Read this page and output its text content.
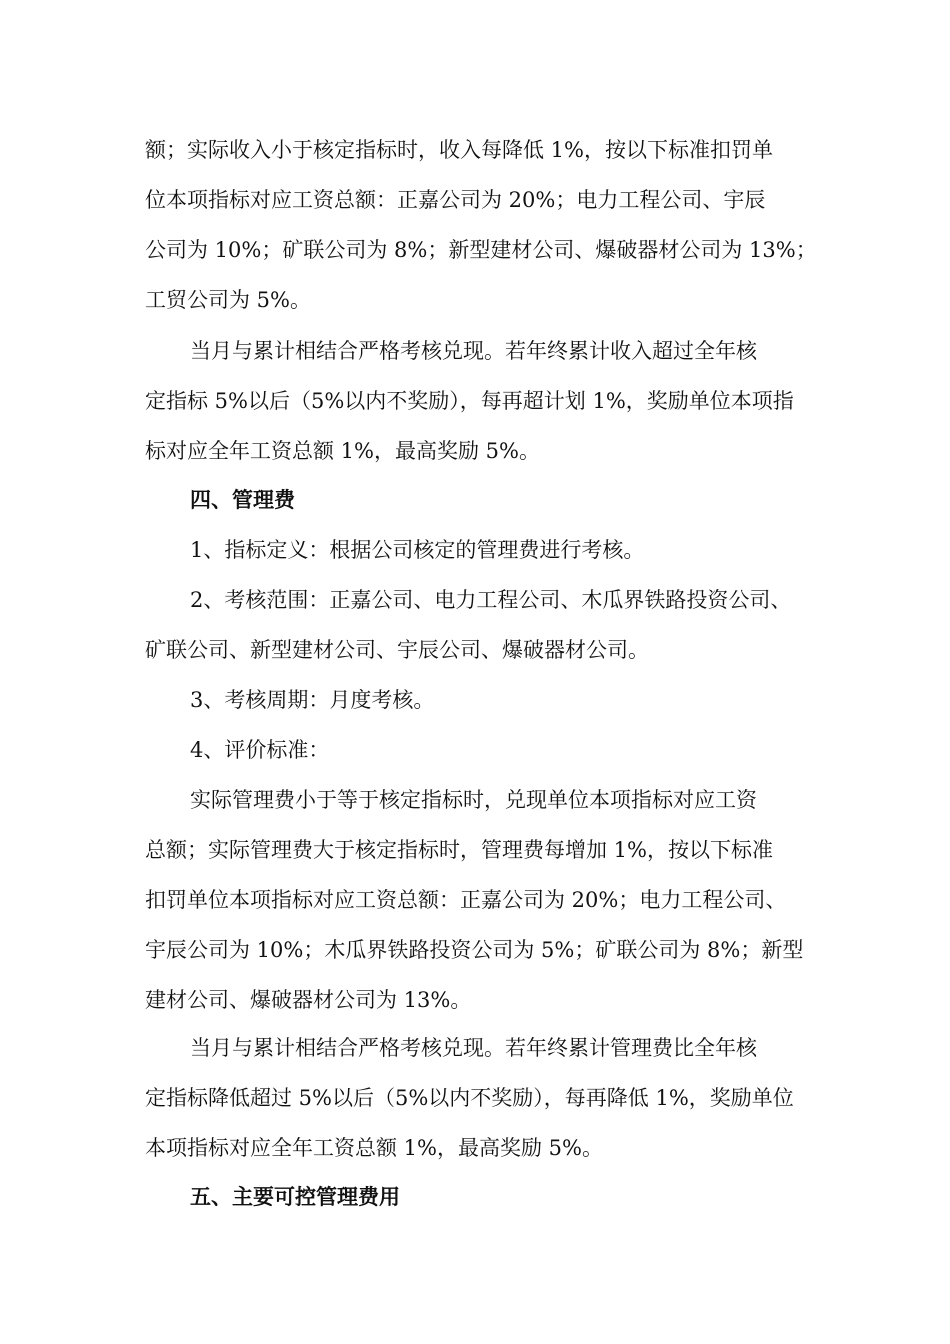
额；实际收入小于核定指标时，收入每降低 1%，按以下标准扣罚单
位本项指标对应工资总额：正嘉公司为 20%；电力工程公司、宇辰
公司为 10%；矿联公司为 8%；新型建材公司、爆破器材公司为 13%；
工贸公司为 5%。
当月与累计相结合严格考核兑现。若年终累计收入超过全年核
定指标 5%以后（5%以内不奖励），每再超计划 1%，奖励单位本项指
标对应全年工资总额 1%，最高奖励 5%。
四、管理费
1、指标定义：根据公司核定的管理费进行考核。
2、考核范围：正嘉公司、电力工程公司、木瓜界铁路投资公司、
矿联公司、新型建材公司、宇辰公司、爆破器材公司。
3、考核周期：月度考核。
4、评价标准：
实际管理费小于等于核定指标时，兑现单位本项指标对应工资
总额；实际管理费大于核定指标时，管理费每增加 1%，按以下标准
扣罚单位本项指标对应工资总额：正嘉公司为 20%；电力工程公司、
宇辰公司为 10%；木瓜界铁路投资公司为 5%；矿联公司为 8%；新型
建材公司、爆破器材公司为 13%。
当月与累计相结合严格考核兑现。若年终累计管理费比全年核
定指标降低超过 5%以后（5%以内不奖励），每再降低 1%，奖励单位
本项指标对应全年工资总额 1%，最高奖励 5%。
五、主要可控管理费用
